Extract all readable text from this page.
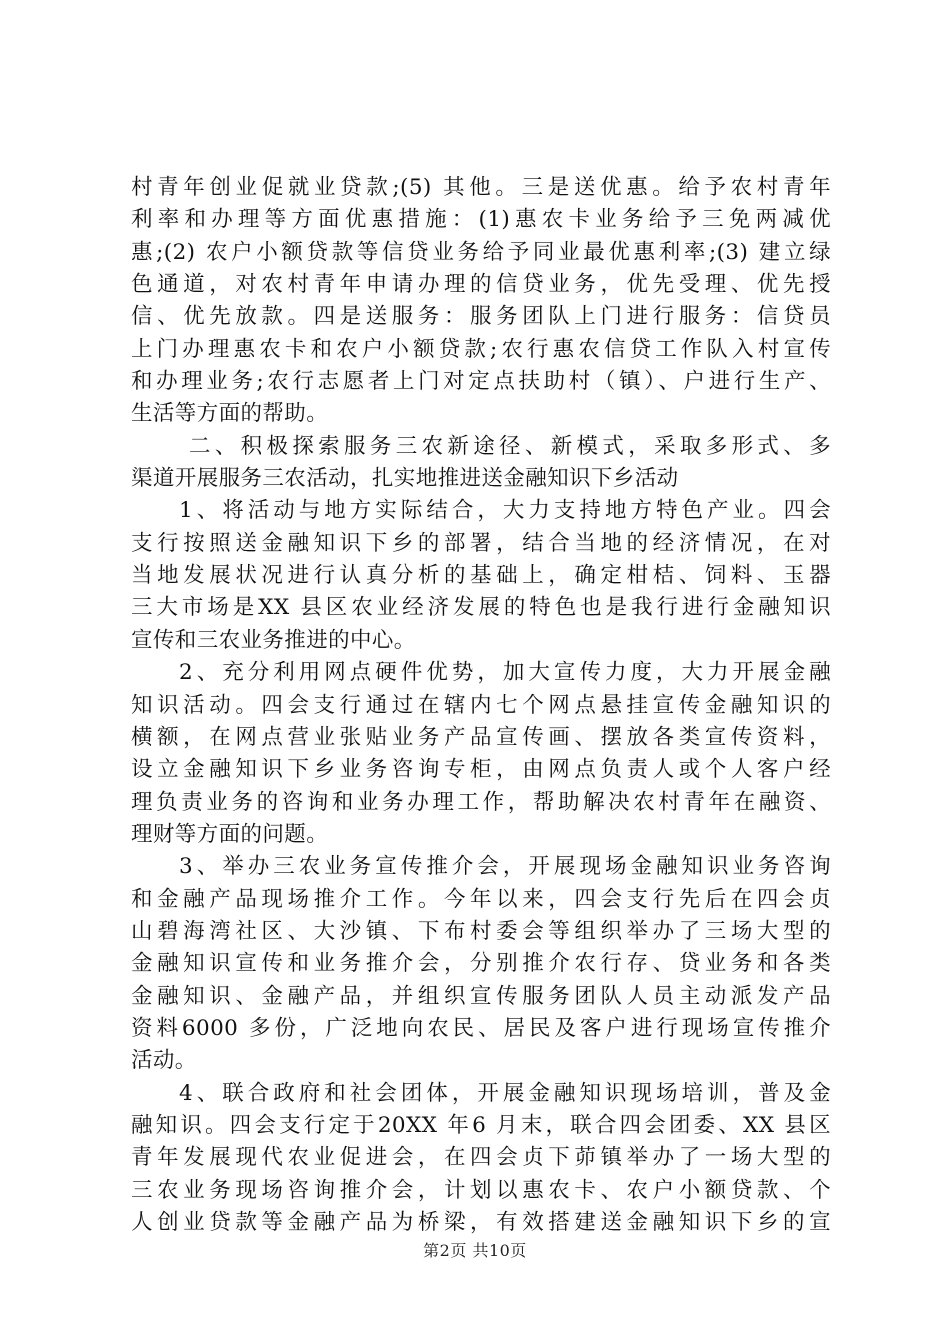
村青年创业促就业贷款;(5) 其他。三是送优惠。给予农村青年
利率和办理等方面优惠措施：(1)惠农卡业务给予三免两减优
惠;(2) 农户小额贷款等信贷业务给予同业最优惠利率;(3) 建立绿
色通道，对农村青年申请办理的信贷业务，优先受理、优先授
信、优先放款。四是送服务：服务团队上门进行服务：信贷员
上门办理惠农卡和农户小额贷款;农行惠农信贷工作队入村宣传
和办理业务;农行志愿者上门对定点扶助村（镇）、户进行生产、
生活等方面的帮助。
二、积极探索服务三农新途径、新模式，采取多形式、多
渠道开展服务三农活动，扎实地推进送金融知识下乡活动
1、将活动与地方实际结合，大力支持地方特色产业。四会
支行按照送金融知识下乡的部署，结合当地的经济情况，在对
当地发展状况进行认真分析的基础上，确定柑桔、饲料、玉器
三大市场是XX 县区农业经济发展的特色也是我行进行金融知识
宣传和三农业务推进的中心。
2、充分利用网点硬件优势，加大宣传力度，大力开展金融
知识活动。四会支行通过在辖内七个网点悬挂宣传金融知识的
横额，在网点营业张贴业务产品宣传画、摆放各类宣传资料，
设立金融知识下乡业务咨询专柜，由网点负责人或个人客户经
理负责业务的咨询和业务办理工作，帮助解决农村青年在融资、
理财等方面的问题。
3、举办三农业务宣传推介会，开展现场金融知识业务咨询
和金融产品现场推介工作。今年以来，四会支行先后在四会贞
山碧海湾社区、大沙镇、下布村委会等组织举办了三场大型的
金融知识宣传和业务推介会，分别推介农行存、贷业务和各类
金融知识、金融产品，并组织宣传服务团队人员主动派发产品
资料6000 多份，广泛地向农民、居民及客户进行现场宣传推介
活动。
4、联合政府和社会团体，开展金融知识现场培训，普及金
融知识。四会支行定于20XX 年6 月末，联合四会团委、XX 县区
青年发展现代农业促进会，在四会贞下茆镇举办了一场大型的
三农业务现场咨询推介会，计划以惠农卡、农户小额贷款、个
人创业贷款等金融产品为桥梁，有效搭建送金融知识下乡的宣
第2页 共10页
